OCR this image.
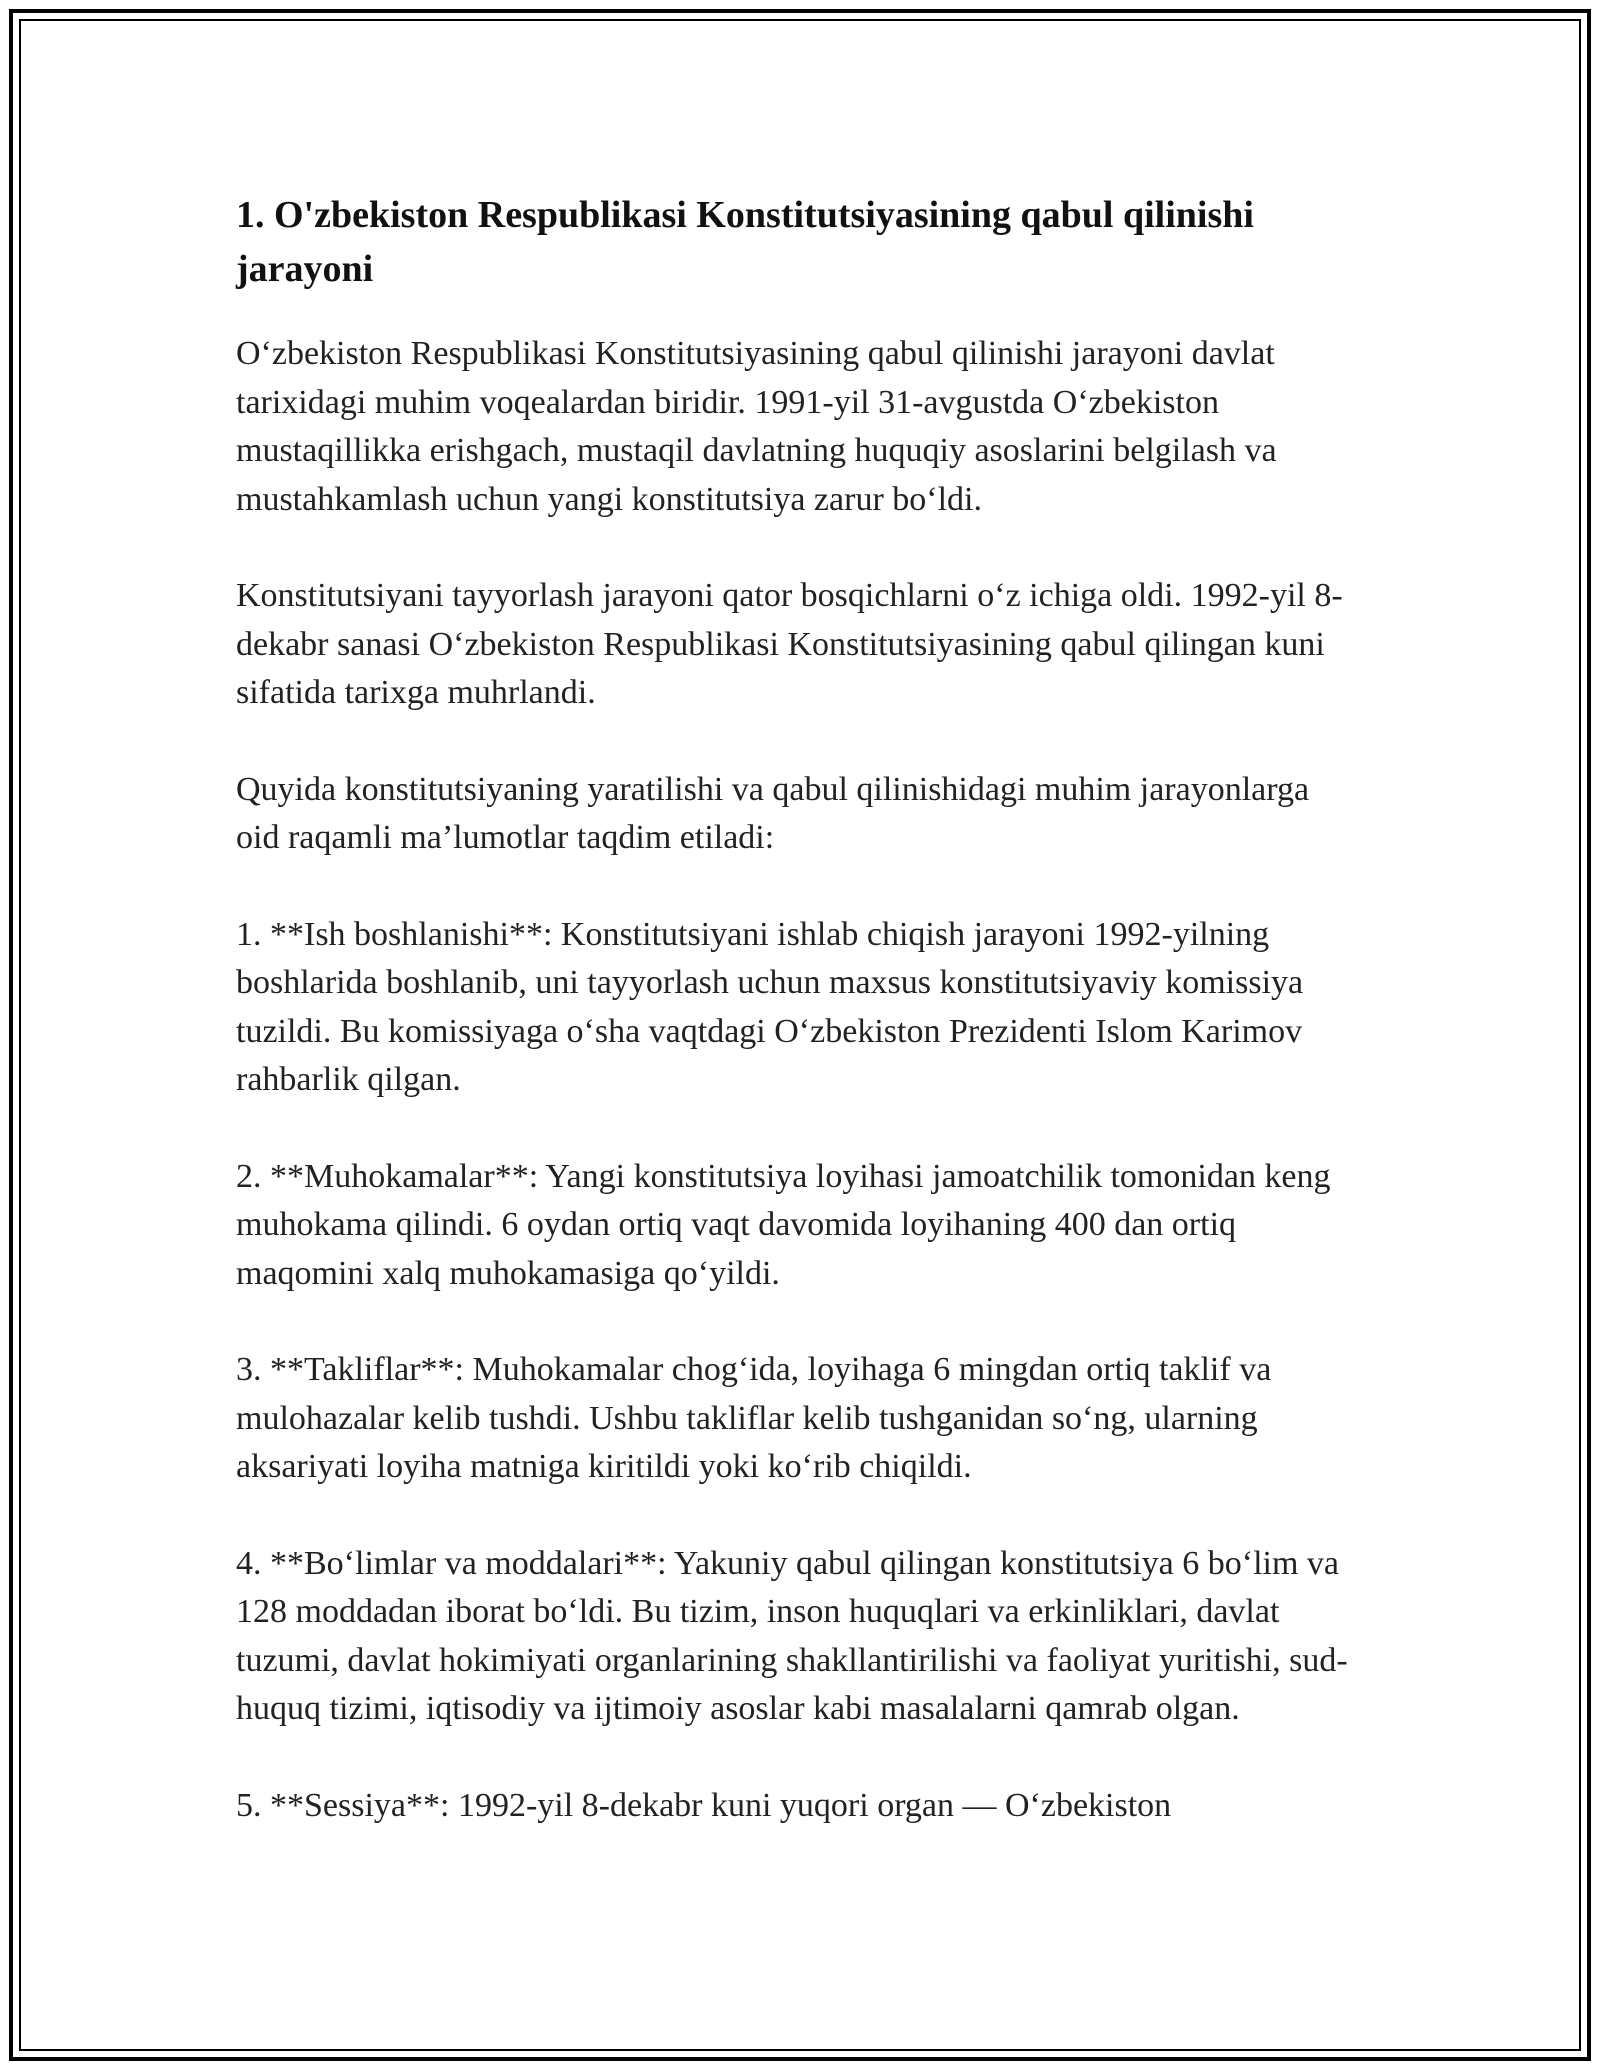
1. O'zbekiston Respublikasi Konstitutsiyasining qabul qilinishi jarayoni

O‘zbekiston Respublikasi Konstitutsiyasining qabul qilinishi jarayoni davlat tarixidagi muhim voqealardan biridir. 1991-yil 31-avgustda O‘zbekiston mustaqillikka erishgach, mustaqil davlatning huquqiy asoslarini belgilash va mustahkamlash uchun yangi konstitutsiya zarur bo‘ldi.

Konstitutsiyani tayyorlash jarayoni qator bosqichlarni o‘z ichiga oldi. 1992-yil 8-dekabr sanasi O‘zbekiston Respublikasi Konstitutsiyasining qabul qilingan kuni sifatida tarixga muhrlandi.

Quyida konstitutsiyaning yaratilishi va qabul qilinishidagi muhim jarayonlarga oid raqamli ma’lumotlar taqdim etiladi:

1. **Ish boshlanishi**: Konstitutsiyani ishlab chiqish jarayoni 1992-yilning boshlarida boshlanib, uni tayyorlash uchun maxsus konstitutsiyaviy komissiya tuzildi. Bu komissiyaga o‘sha vaqtdagi O‘zbekiston Prezidenti Islom Karimov rahbarlik qilgan.

2. **Muhokamalar**: Yangi konstitutsiya loyihasi jamoatchilik tomonidan keng muhokama qilindi. 6 oydan ortiq vaqt davomida loyihaning 400 dan ortiq maqomini xalq muhokamasiga qo‘yildi.

3. **Takliflar**: Muhokamalar chog‘ida, loyihaga 6 mingdan ortiq taklif va mulohazalar kelib tushdi. Ushbu takliflar kelib tushganidan so‘ng, ularning aksariyati loyiha matniga kiritildi yoki ko‘rib chiqildi.

4. **Bo‘limlar va moddalari**: Yakuniy qabul qilingan konstitutsiya 6 bo‘lim va 128 moddadan iborat bo‘ldi. Bu tizim, inson huquqlari va erkinliklari, davlat tuzumi, davlat hokimiyati organlarining shakllantirilishi va faoliyat yuritishi, sud-huquq tizimi, iqtisodiy va ijtimoiy asoslar kabi masalalarni qamrab olgan.

5. **Sessiya**: 1992-yil 8-dekabr kuni yuqori organ — O‘zbekiston
